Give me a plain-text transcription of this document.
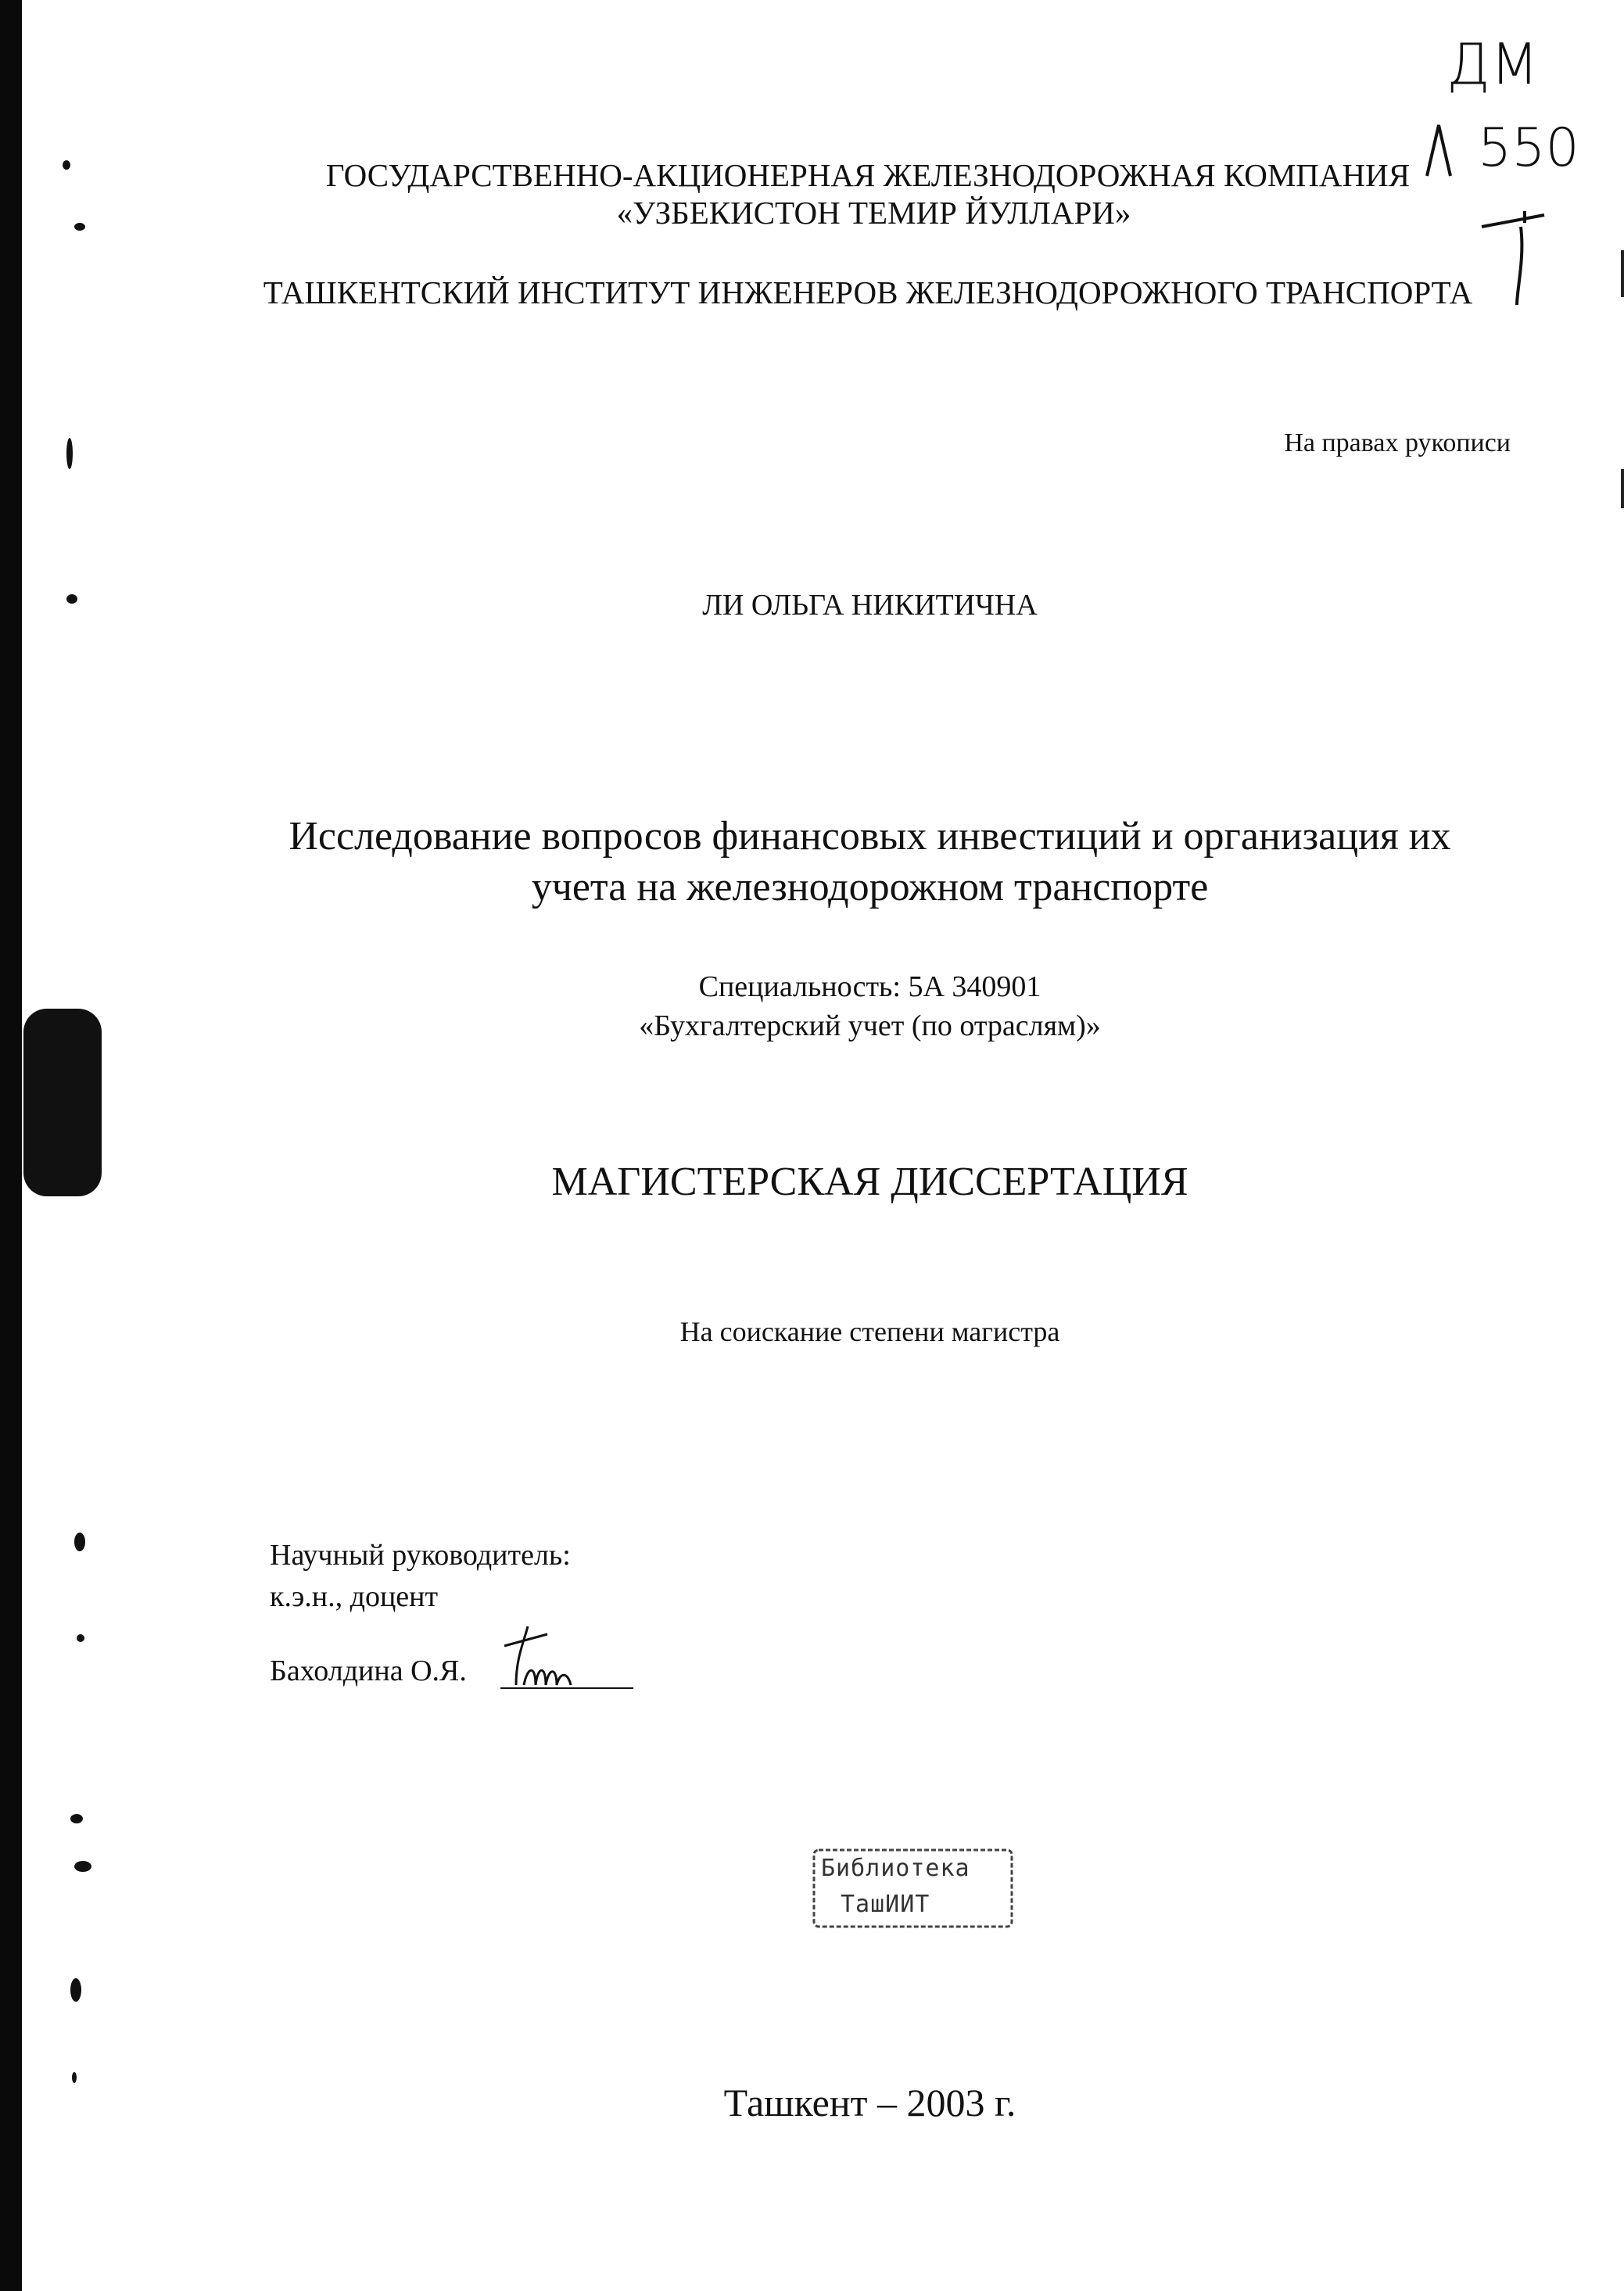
ГОСУДАРСТВЕННО-АКЦИОНЕРНАЯ ЖЕЛЕЗНОДОРОЖНАЯ КОМПАНИЯ
«УЗБЕКИСТОН ТЕМИР ЙУЛЛАРИ»
ТАШКЕНТСКИЙ ИНСТИТУТ ИНЖЕНЕРОВ ЖЕЛЕЗНОДОРОЖНОГО ТРАНСПОРТА
На правах рукописи
ЛИ ОЛЬГА НИКИТИЧНА
Исследование вопросов финансовых инвестиций и организация их
учета на железнодорожном транспорте
Специальность: 5А 340901
«Бухгалтерский учет (по отраслям)»
МАГИСТЕРСКАЯ ДИССЕРТАЦИЯ
На соискание степени магистра
Научный руководитель:
к.э.н., доцент
Бахолдина О.Я.
Библиотека
ТашИИТ
Ташкент – 2003 г.
ДМ
550
